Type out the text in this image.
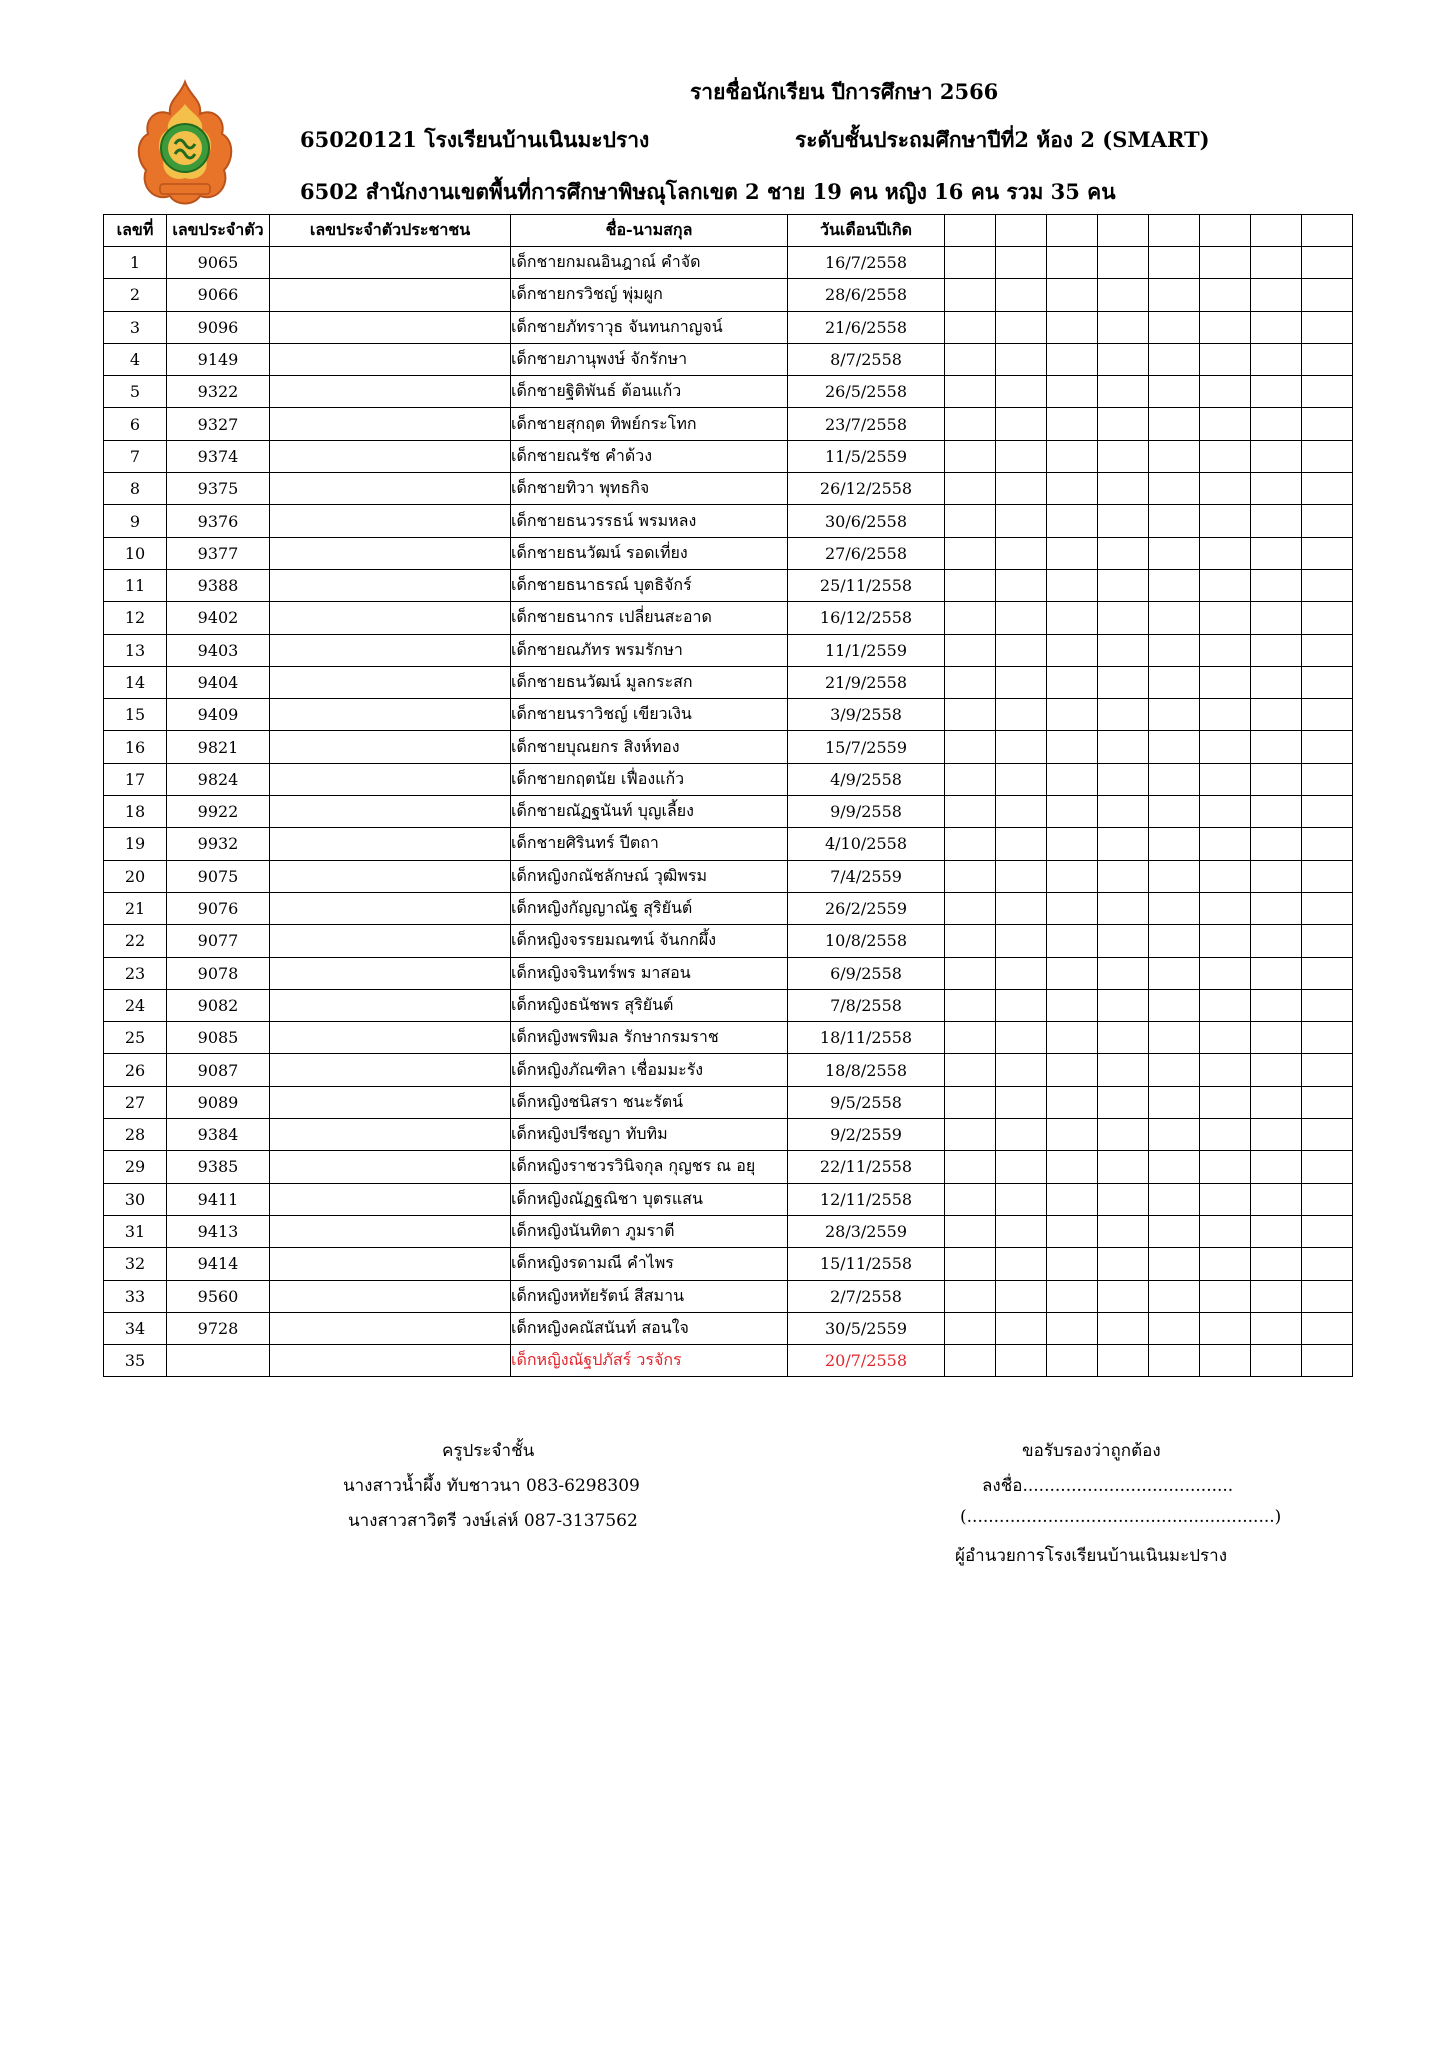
รายชื่อนักเรียน ปีการศึกษา 2566
65020121 โรงเรียนบ้านเนินมะปราง	ระดับชั้นประถมศึกษาปีที่2 ห้อง 2 (SMART)
6502 สำนักงานเขตพื้นที่การศึกษาพิษณุโลกเขต 2 ชาย 19 คน หญิง 16 คน รวม 35 คน
เลขที่	เลขประจำตัว	เลขประจำตัวประชาชน	ชื่อ-นามสกุล	วันเดือนปีเกิด								
1	9065		เด็กชายกมณอินฎาณ์ คำจัด	16/7/2558								
2	9066		เด็กชายกรวิชญ์ พุ่มผูก	28/6/2558								
3	9096		เด็กชายภัทราวุธ จันทนกาญจน์	21/6/2558								
4	9149		เด็กชายภานุพงษ์ จักรักษา	8/7/2558								
5	9322		เด็กชายฐิติพันธ์ ต้อนแก้ว	26/5/2558								
6	9327		เด็กชายสุกฤต ทิพย์กระโทก	23/7/2558								
7	9374		เด็กชายณรัช คำด้วง	11/5/2559								
8	9375		เด็กชายทิวา พุทธกิจ	26/12/2558								
9	9376		เด็กชายธนวรรธน์ พรมหลง	30/6/2558								
10	9377		เด็กชายธนวัฒน์ รอดเที่ยง	27/6/2558								
11	9388		เด็กชายธนาธรณ์ บุตธิจักร์	25/11/2558								
12	9402		เด็กชายธนากร เปลี่ยนสะอาด	16/12/2558								
13	9403		เด็กชายณภัทร พรมรักษา	11/1/2559								
14	9404		เด็กชายธนวัฒน์ มูลกระสก	21/9/2558								
15	9409		เด็กชายนราวิชญ์ เขียวเงิน	3/9/2558								
16	9821		เด็กชายบุณยกร สิงห์ทอง	15/7/2559								
17	9824		เด็กชายกฤตนัย เฟื่องแก้ว	4/9/2558								
18	9922		เด็กชายณัฏฐนันท์ บุญเลี้ยง	9/9/2558								
19	9932		เด็กชายศิรินทร์ ปีตถา	4/10/2558								
20	9075		เด็กหญิงกณัชลักษณ์ วุฒิพรม	7/4/2559								
21	9076		เด็กหญิงกัญญาณัฐ สุริยันต์	26/2/2559								
22	9077		เด็กหญิงจรรยมณฑน์ จันกกผึ้ง	10/8/2558								
23	9078		เด็กหญิงจรินทร์พร มาสอน	6/9/2558								
24	9082		เด็กหญิงธนัชพร สุริยันต์	7/8/2558								
25	9085		เด็กหญิงพรพิมล รักษากรมราช	18/11/2558								
26	9087		เด็กหญิงภัณฑิลา เชื่อมมะรัง	18/8/2558								
27	9089		เด็กหญิงชนิสรา ชนะรัตน์	9/5/2558								
28	9384		เด็กหญิงปรีชญา ทับทิม	9/2/2559								
29	9385		เด็กหญิงราชวรวินิจกุล กุญชร ณ อยุ	22/11/2558								
30	9411		เด็กหญิงณัฏฐณิชา บุตรแสน	12/11/2558								
31	9413		เด็กหญิงนันทิตา ภูมราตี	28/3/2559								
32	9414		เด็กหญิงรดามณี คำไพร	15/11/2558								
33	9560		เด็กหญิงหทัยรัตน์ สีสมาน	2/7/2558								
34	9728		เด็กหญิงคณัสนันท์ สอนใจ	30/5/2559								
35			เด็กหญิงณัฐปภัสร์ วรจักร	20/7/2558								
ครูประจำชั้น
นางสาวน้ำผึ้ง ทับชาวนา 083-6298309
นางสาวสาวิตรี วงษ์เล่ห์ 087-3137562
ขอรับรองว่าถูกต้อง
ลงชื่อ.......................................
(.........................................................)
ผู้อำนวยการโรงเรียนบ้านเนินมะปราง
